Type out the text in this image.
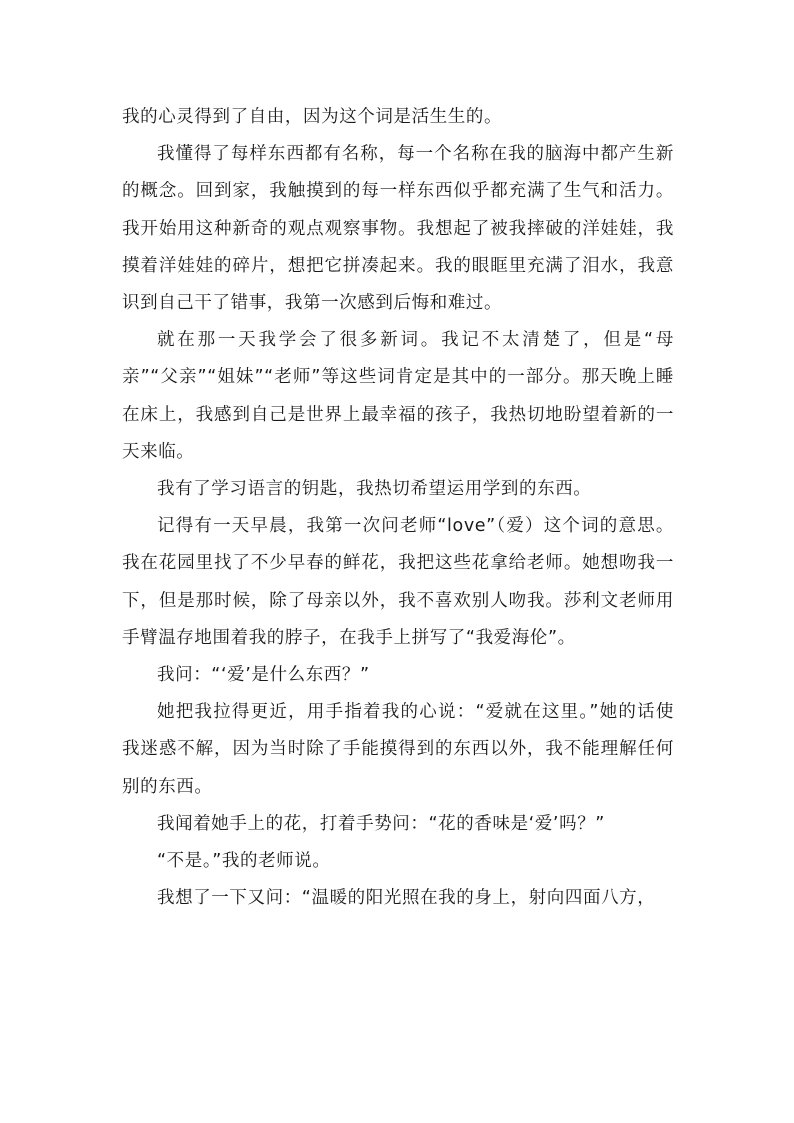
我的心灵得到了自由，因为这个词是活生生的。

我懂得了每样东西都有名称，每一个名称在我的脑海中都产生新的概念。回到家，我触摸到的每一样东西似乎都充满了生气和活力。我开始用这种新奇的观点观察事物。我想起了被我摔破的洋娃娃，我摸着洋娃娃的碎片，想把它拼凑起来。我的眼眶里充满了泪水，我意识到自己干了错事，我第一次感到后悔和难过。

就在那一天我学会了很多新词。我记不太清楚了，但是“母亲”“父亲”“姐妹”“老师”等这些词肯定是其中的一部分。那天晚上睡在床上，我感到自己是世界上最幸福的孩子，我热切地盼望着新的一天来临。

我有了学习语言的钥匙，我热切希望运用学到的东西。

记得有一天早晨，我第一次问老师“love”（爱）这个词的意思。我在花园里找了不少早春的鲜花，我把这些花拿给老师。她想吻我一下，但是那时候，除了母亲以外，我不喜欢别人吻我。莎利文老师用手臂温存地围着我的脖子，在我手上拼写了“我爱海伦”。

我问：“‘爱’是什么东西？”

她把我拉得更近，用手指着我的心说：“爱就在这里。”她的话使我迷惑不解，因为当时除了手能摸得到的东西以外，我不能理解任何别的东西。

我闻着她手上的花，打着手势问：“花的香味是‘爱’吗？”

“不是。”我的老师说。

我想了一下又问：“温暖的阳光照在我的身上，射向四面八方，
